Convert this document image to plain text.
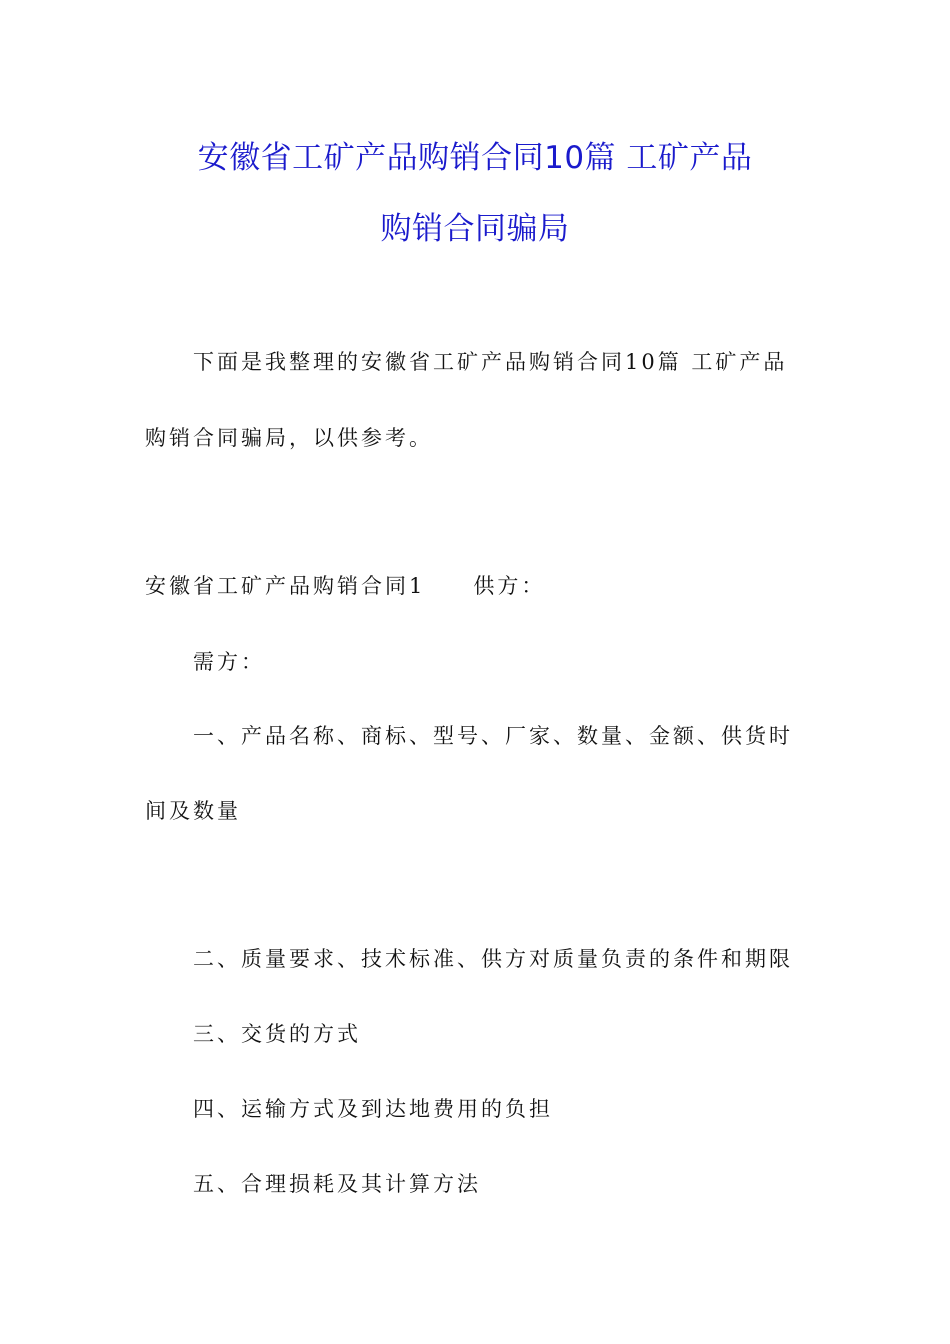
安徽省工矿产品购销合同10篇 工矿产品
购销合同骗局
下面是我整理的安徽省工矿产品购销合同10篇 工矿产品
购销合同骗局，以供参考。
安徽省工矿产品购销合同1 供方：
需方：
一、产品名称、商标、型号、厂家、数量、金额、供货时
间及数量
二、质量要求、技术标准、供方对质量负责的条件和期限
三、交货的方式
四、运输方式及到达地费用的负担
五、合理损耗及其计算方法
